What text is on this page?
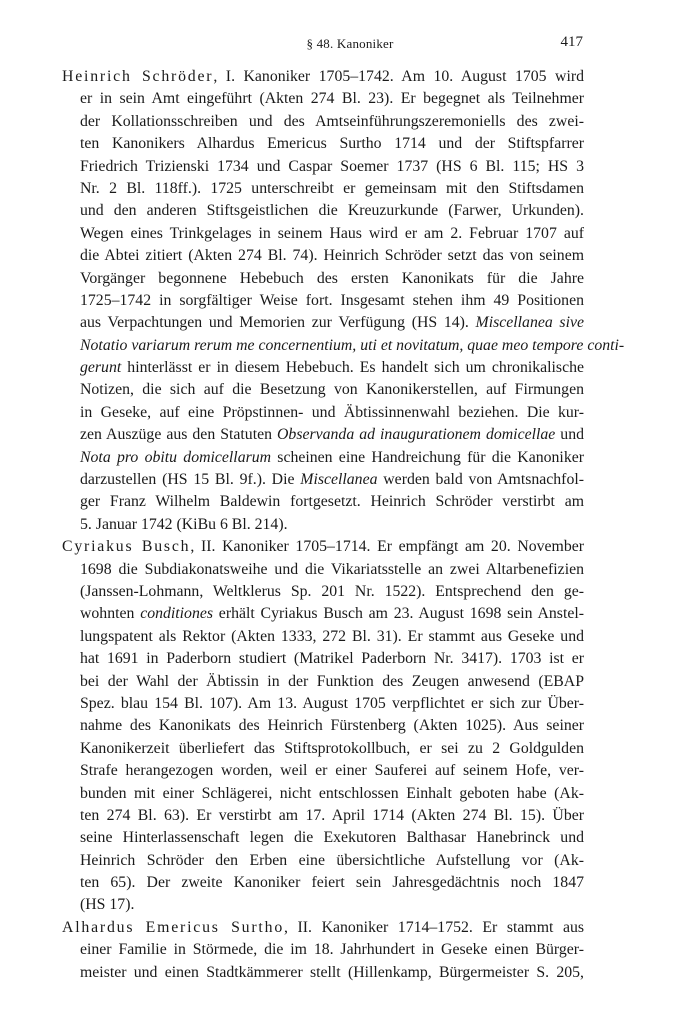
§ 48. Kanoniker	417
Heinrich Schröder, I. Kanoniker 1705–1742. Am 10. August 1705 wird
er in sein Amt eingeführt (Akten 274 Bl. 23). Er begegnet als Teilnehmer
der Kollationsschreiben und des Amtseinführungszeremoniells des zwei-
ten Kanonikers Alhardus Emericus Surtho 1714 und der Stiftspfarrer
Friedrich Trizienski 1734 und Caspar Soemer 1737 (HS 6 Bl. 115; HS 3
Nr. 2 Bl. 118ff.). 1725 unterschreibt er gemeinsam mit den Stiftsdamen
und den anderen Stiftsgeistlichen die Kreuzurkunde (Farwer, Urkunden).
Wegen eines Trinkgelages in seinem Haus wird er am 2. Februar 1707 auf
die Abtei zitiert (Akten 274 Bl. 74). Heinrich Schröder setzt das von seinem
Vorgänger begonnene Hebebuch des ersten Kanonikats für die Jahre
1725–1742 in sorgfältiger Weise fort. Insgesamt stehen ihm 49 Positionen
aus Verpachtungen und Memorien zur Verfügung (HS 14). Miscellanea sive
Notatio variarum rerum me concernentium, uti et novitatum, quae meo tempore conti-
gerunt hinterlässt er in diesem Hebebuch. Es handelt sich um chronikalische
Notizen, die sich auf die Besetzung von Kanonikerstellen, auf Firmungen
in Geseke, auf eine Pröpstinnen- und Äbtissinnenwahl beziehen. Die kur-
zen Auszüge aus den Statuten Observanda ad inaugurationem domicellae und
Nota pro obitu domicellarum scheinen eine Handreichung für die Kanoniker
darzustellen (HS 15 Bl. 9f.). Die Miscellanea werden bald von Amtsnachfol-
ger Franz Wilhelm Baldewin fortgesetzt. Heinrich Schröder verstirbt am
5. Januar 1742 (KiBu 6 Bl. 214).
Cyriakus Busch, II. Kanoniker 1705–1714. Er empfängt am 20. November
1698 die Subdiakonatsweihe und die Vikariatsstelle an zwei Altarbenefizien
(Janssen-Lohmann, Weltklerus Sp. 201 Nr. 1522). Entsprechend den ge-
wohnten conditiones erhält Cyriakus Busch am 23. August 1698 sein Anstel-
lungspatent als Rektor (Akten 1333, 272 Bl. 31). Er stammt aus Geseke und
hat 1691 in Paderborn studiert (Matrikel Paderborn Nr. 3417). 1703 ist er
bei der Wahl der Äbtissin in der Funktion des Zeugen anwesend (EBAP
Spez. blau 154 Bl. 107). Am 13. August 1705 verpflichtet er sich zur Über-
nahme des Kanonikats des Heinrich Fürstenberg (Akten 1025). Aus seiner
Kanonikerzeit überliefert das Stiftsprotokollbuch, er sei zu 2 Goldgulden
Strafe herangezogen worden, weil er einer Sauferei auf seinem Hofe, ver-
bunden mit einer Schlägerei, nicht entschlossen Einhalt geboten habe (Ak-
ten 274 Bl. 63). Er verstirbt am 17. April 1714 (Akten 274 Bl. 15). Über
seine Hinterlassenschaft legen die Exekutoren Balthasar Hanebrinck und
Heinrich Schröder den Erben eine übersichtliche Aufstellung vor (Ak-
ten 65). Der zweite Kanoniker feiert sein Jahresgedächtnis noch 1847
(HS 17).
Alhardus Emericus Surtho, II. Kanoniker 1714–1752. Er stammt aus
einer Familie in Störmede, die im 18. Jahrhundert in Geseke einen Bürger-
meister und einen Stadtkämmerer stellt (Hillenkamp, Bürgermeister S. 205,
